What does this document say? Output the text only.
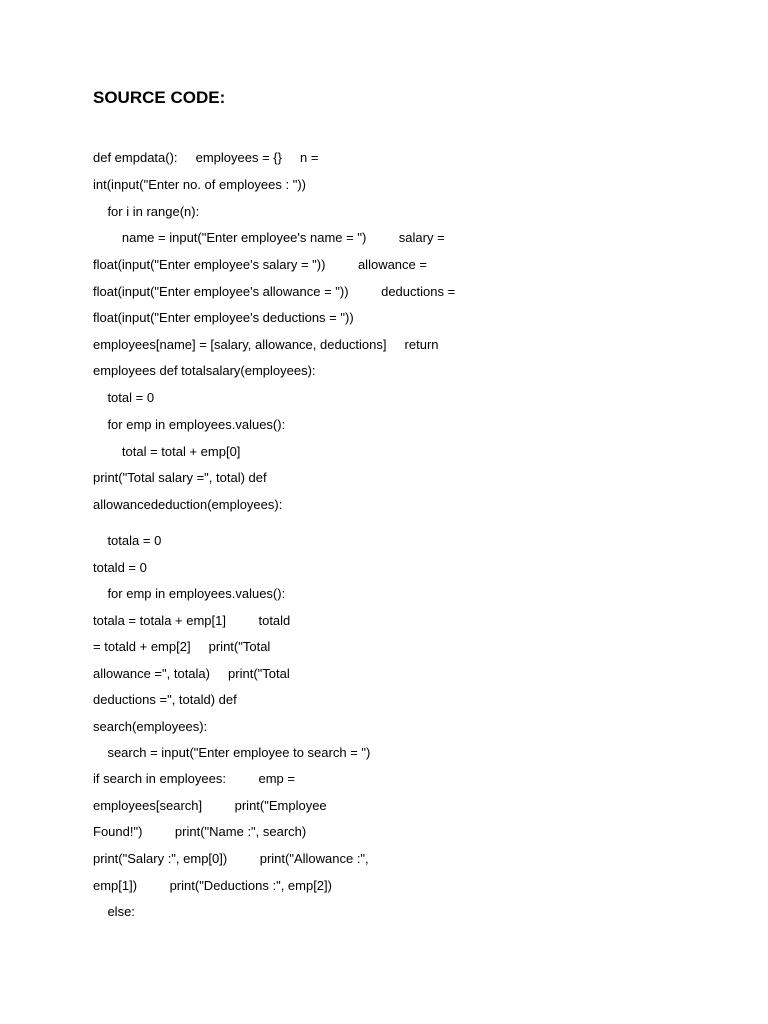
SOURCE CODE:
def empdata():     employees = {}     n =
int(input("Enter no. of employees : "))
for i in range(n):
name = input("Enter employee's name = ")         salary =
float(input("Enter employee's salary = "))         allowance =
float(input("Enter employee's allowance = "))         deductions =
float(input("Enter employee's deductions = "))
employees[name] = [salary, allowance, deductions]     return
employees def totalsalary(employees):
total = 0
for emp in employees.values():
total = total + emp[0]
print("Total salary =", total) def
allowancededuction(employees):
totala = 0
totald = 0
for emp in employees.values():
totala = totala + emp[1]         totald
= totald + emp[2]     print("Total
allowance =", totala)     print("Total
deductions =", totald) def
search(employees):
search = input("Enter employee to search = ")
if search in employees:         emp =
employees[search]         print("Employee
Found!")         print("Name :", search)
print("Salary :", emp[0])         print("Allowance :",
emp[1])         print("Deductions :", emp[2])
else:
